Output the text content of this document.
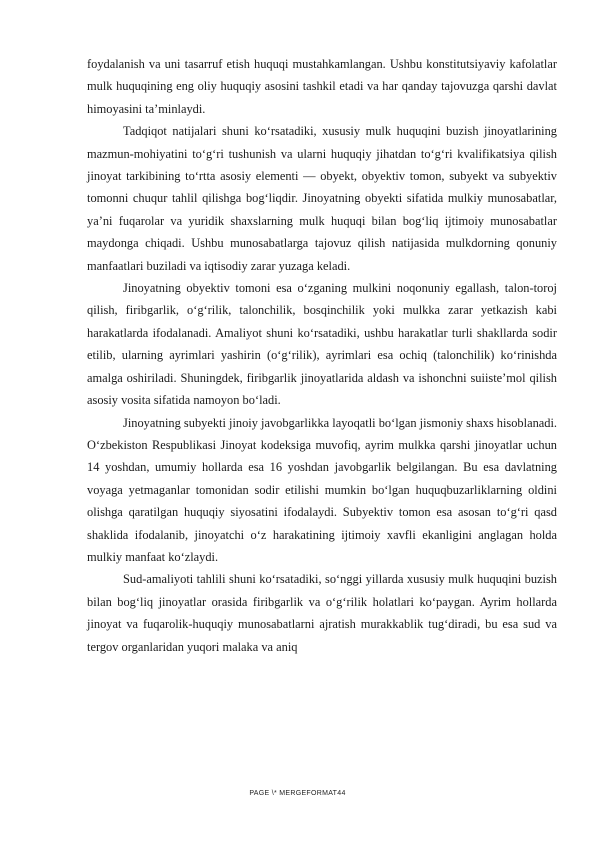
foydalanish va uni tasarruf etish huquqi mustahkamlangan. Ushbu konstitutsiyaviy kafolatlar mulk huquqining eng oliy huquqiy asosini tashkil etadi va har qanday tajovuzga qarshi davlat himoyasini ta’minlaydi.

Tadqiqot natijalari shuni ko‘rsatadiki, xususiy mulk huquqini buzish jinoyatlarining mazmun-mohiyatini to‘g‘ri tushunish va ularni huquqiy jihatdan to‘g‘ri kvalifikatsiya qilish jinoyat tarkibining to‘rtta asosiy elementi — obyekt, obyektiv tomon, subyekt va subyektiv tomonni chuqur tahlil qilishga bog‘liqdir. Jinoyatning obyekti sifatida mulkiy munosabatlar, ya’ni fuqarolar va yuridik shaxslarning mulk huquqi bilan bog‘liq ijtimoiy munosabatlar maydonga chiqadi. Ushbu munosabatlarga tajovuz qilish natijasida mulkdorning qonuniy manfaatlari buziladi va iqtisodiy zarar yuzaga keladi.

Jinoyatning obyektiv tomoni esa o‘zganing mulkini noqonuniy egallash, talon-toroj qilish, firibgarlik, o‘g‘rilik, talonchilik, bosqinchilik yoki mulkka zarar yetkazish kabi harakatlarda ifodalanadi. Amaliyot shuni ko‘rsatadiki, ushbu harakatlar turli shakllarda sodir etilib, ularning ayrimlari yashirin (o‘g‘rilik), ayrimlari esa ochiq (talonchilik) ko‘rinishda amalga oshiriladi. Shuningdek, firibgarlik jinoyatlarida aldash va ishonchni suiiste’mol qilish asosiy vosita sifatida namoyon bo‘ladi.

Jinoyatning subyekti jinoiy javobgarlikka layoqatli bo‘lgan jismoniy shaxs hisoblanadi. O‘zbekiston Respublikasi Jinoyat kodeksiga muvofiq, ayrim mulkka qarshi jinoyatlar uchun 14 yoshdan, umumiy hollarda esa 16 yoshdan javobgarlik belgilangan. Bu esa davlatning voyaga yetmaganlar tomonidan sodir etilishi mumkin bo‘lgan huquqbuzarliklarning oldini olishga qaratilgan huquqiy siyosatini ifodalaydi. Subyektiv tomon esa asosan to‘g‘ri qasd shaklida ifodalanib, jinoyatchi o‘z harakatining ijtimoiy xavfli ekanligini anglagan holda mulkiy manfaat ko‘zlaydi.

Sud-amaliyoti tahlili shuni ko‘rsatadiki, so‘nggi yillarda xususiy mulk huquqini buzish bilan bog‘liq jinoyatlar orasida firibgarlik va o‘g‘rilik holatlari ko‘paygan. Ayrim hollarda jinoyat va fuqarolik-huquqiy munosabatlarni ajratish murakkablik tug‘diradi, bu esa sud va tergov organlaridan yuqori malaka va aniq

PAGE \* MERGEFORMAT44
